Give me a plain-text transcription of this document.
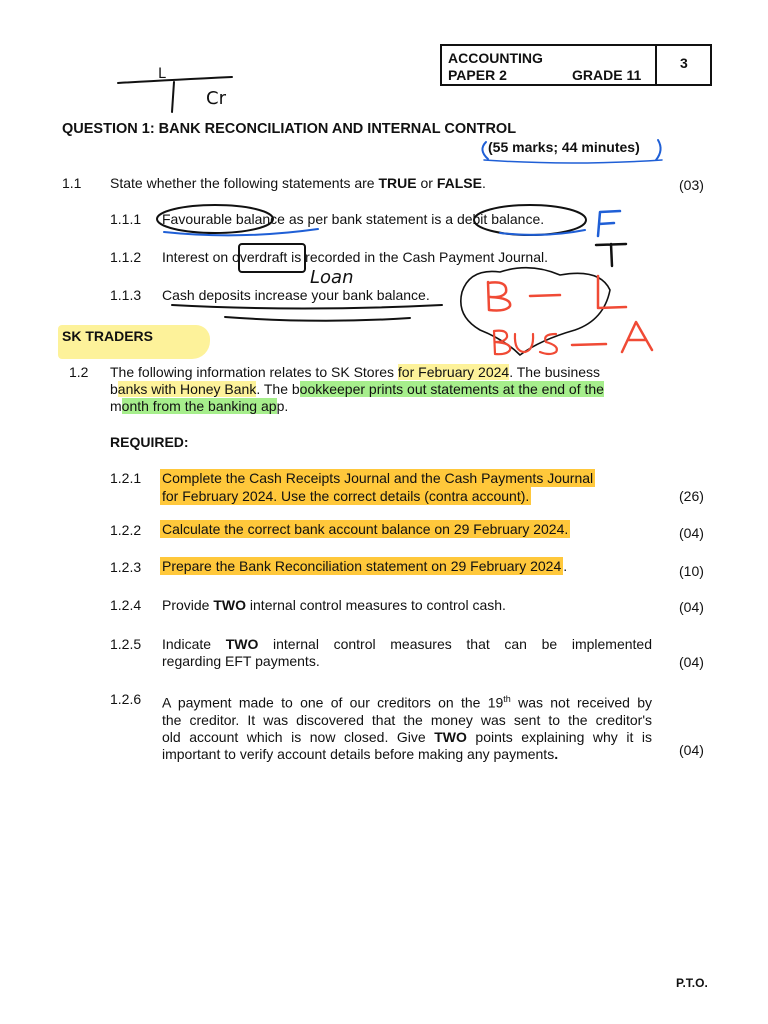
ACCOUNTING
PAPER 2	GRADE 11
3
QUESTION 1: BANK RECONCILIATION AND INTERNAL CONTROL
(55 marks; 44 minutes)
1.1 State whether the following statements are TRUE or FALSE.	(03)
1.1.1 Favourable balance as per bank statement is a debit balance.
1.1.2 Interest on overdraft is recorded in the Cash Payment Journal.
1.1.3 Cash deposits increase your bank balance.
SK TRADERS
1.2 The following information relates to SK Stores for February 2024. The business
banks with Honey Bank. The bookkeeper prints out statements at the end of the
month from the banking app.
REQUIRED:
1.2.1 Complete the Cash Receipts Journal and the Cash Payments Journal
for February 2024. Use the correct details (contra account).	(26)
1.2.2 Calculate the correct bank account balance on 29 February 2024.	(04)
1.2.3 Prepare the Bank Reconciliation statement on 29 February 2024 .	(10)
1.2.4 Provide TWO internal control measures to control cash.	(04)
1.2.5 Indicate TWO internal control measures that can be implemented
regarding EFT payments.	(04)
1.2.6 A payment made to one of our creditors on the 19th was not received by
the creditor. It was discovered that the money was sent to the creditor's
old account which is now closed. Give TWO points explaining why it is
important to verify account details before making any payments.	(04)
P.T.O.
L
Cr
Loan
